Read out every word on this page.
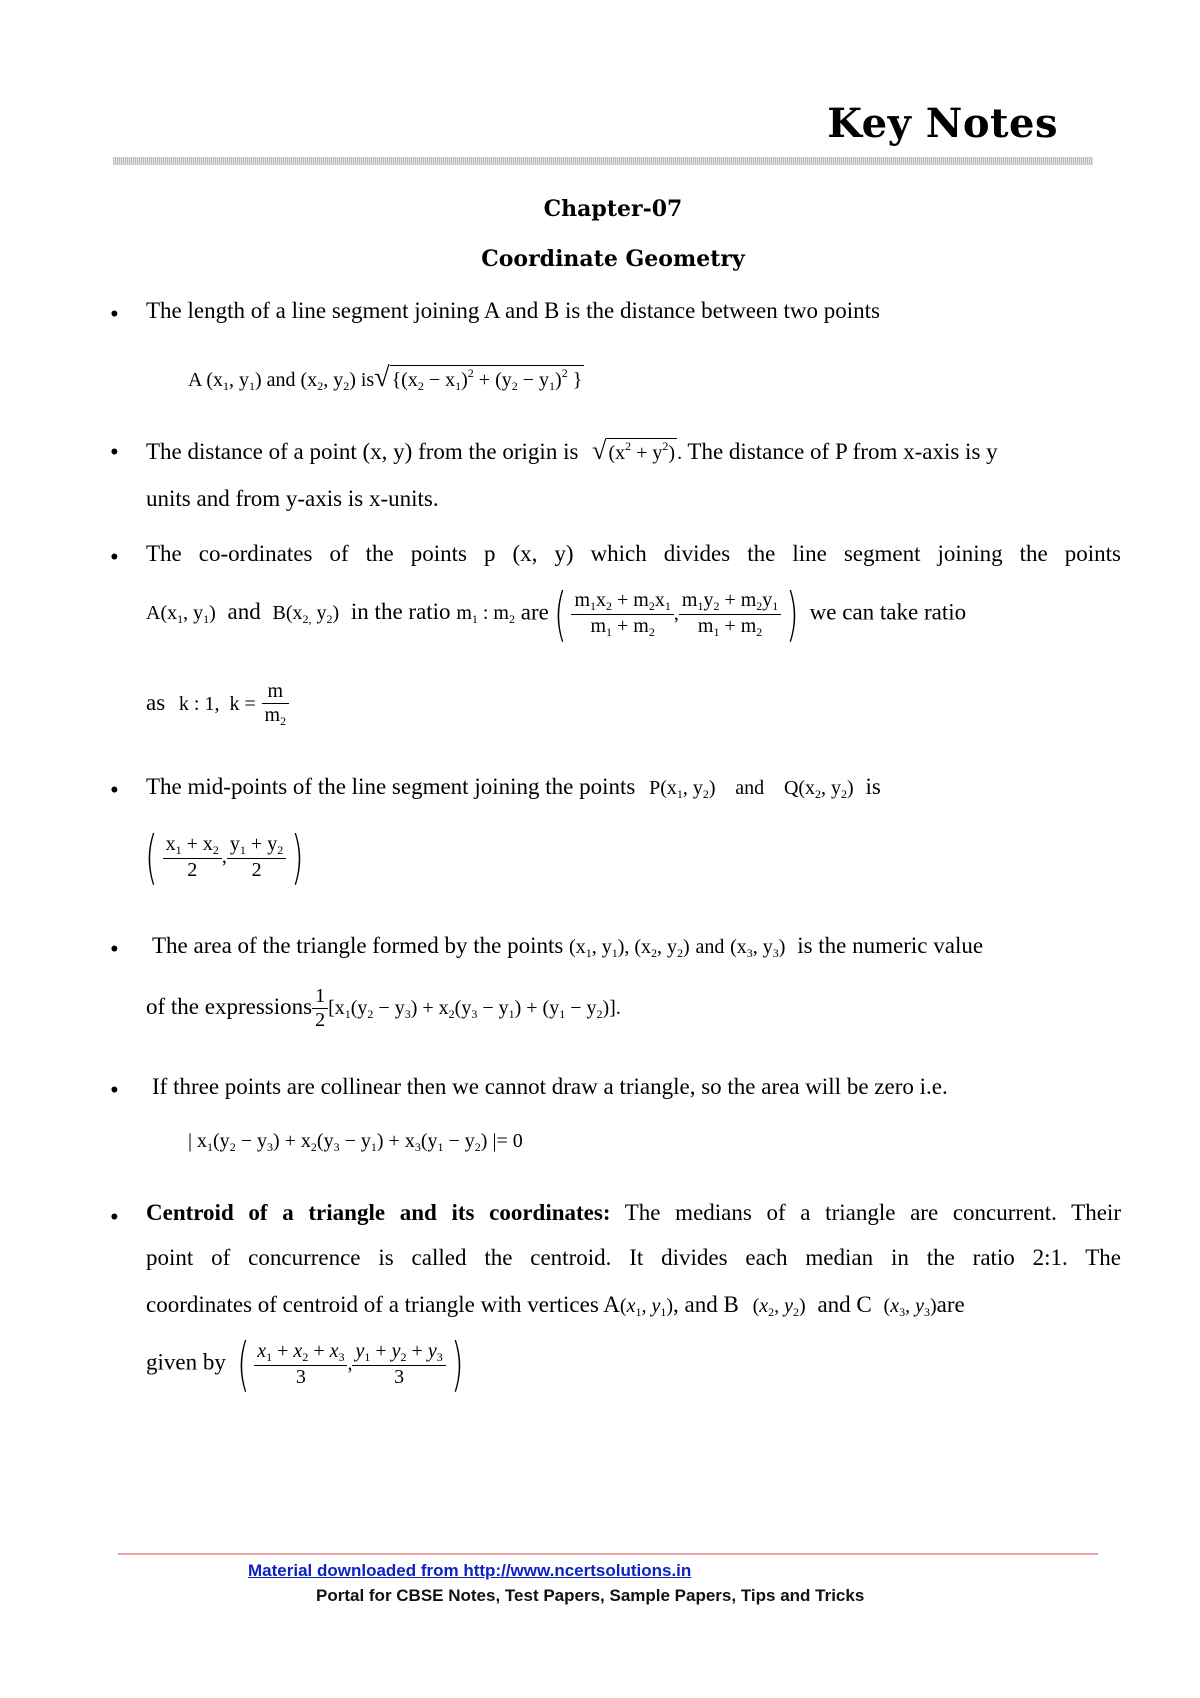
Key Notes
Chapter-07
Coordinate Geometry
• The length of a line segment joining A and B is the distance between two points
A ($x_1$, $y_1$) and ($x_2$, $y_2$) is√ {$(x_2 - x_1)^2 + (y_2 - y_1)^2$ }
• The distance of a point (x, y) from the origin is √ $(x^2 + y^2)$ . The distance of P from x-axis is y
units and from y-axis is x-units.
• The co-ordinates of the points p (x, y) which divides the line segment joining the points
$A(x_1$, $y_1$) and $B(x_{2,}$ $y_2$) in the ratio $m_1$ : $m_2$ $are( \frac{m_1x_2 + m_2x_1}{m_1 + m_2}$ , $\frac{m_1y_2 + m_2y_1}{m_1 + m_2}$ ) we can take ratio
as k : 1,  $k = \frac{m}{m_2}$
• The mid-points of the line segment joining the points $P(x_1$, $y_2$) and $Q(x_2$, $y_2$) is
( $\frac{x_1 + x_2}{2}$ , $\frac{y_1 + y_2}{2}$ )
• The area of the triangle formed by the points ($x_1$, $y_1$), ($x_2$, $y_2$) and ($x_3$, $y_3$) is the numeric value
of the expressions $\frac{1}{2} [x_1(y_2 - y_3) + x_2(y_3 - y_1) + (y_1 - y_2)]$.
• If three points are collinear then we cannot draw a triangle, so the area will be zero i.e.
| $x_1(y_2 - y_3) + x_2(y_3 - y_1) + x_3(y_1 - y_2)$ |= 0
• Centroid of a triangle and its coordinates: The medians of a triangle are concurrent. Their
point of concurrence is called the centroid. It divides each median in the ratio 2:1. The
coordinates of centroid of a triangle with vertices $A(x_1$, $y_1$), and B ($x_2$, $y_2$) and C ($x_3$, $y_3)are$
given by ( $\frac{x_1 + x_2 + x_3}{3}$ , $\frac{y_1 + y_2 + y_3}{3}$ )
Material downloaded from http://www.ncertsolutions.in
Portal for CBSE Notes, Test Papers, Sample Papers, Tips and Tricks
